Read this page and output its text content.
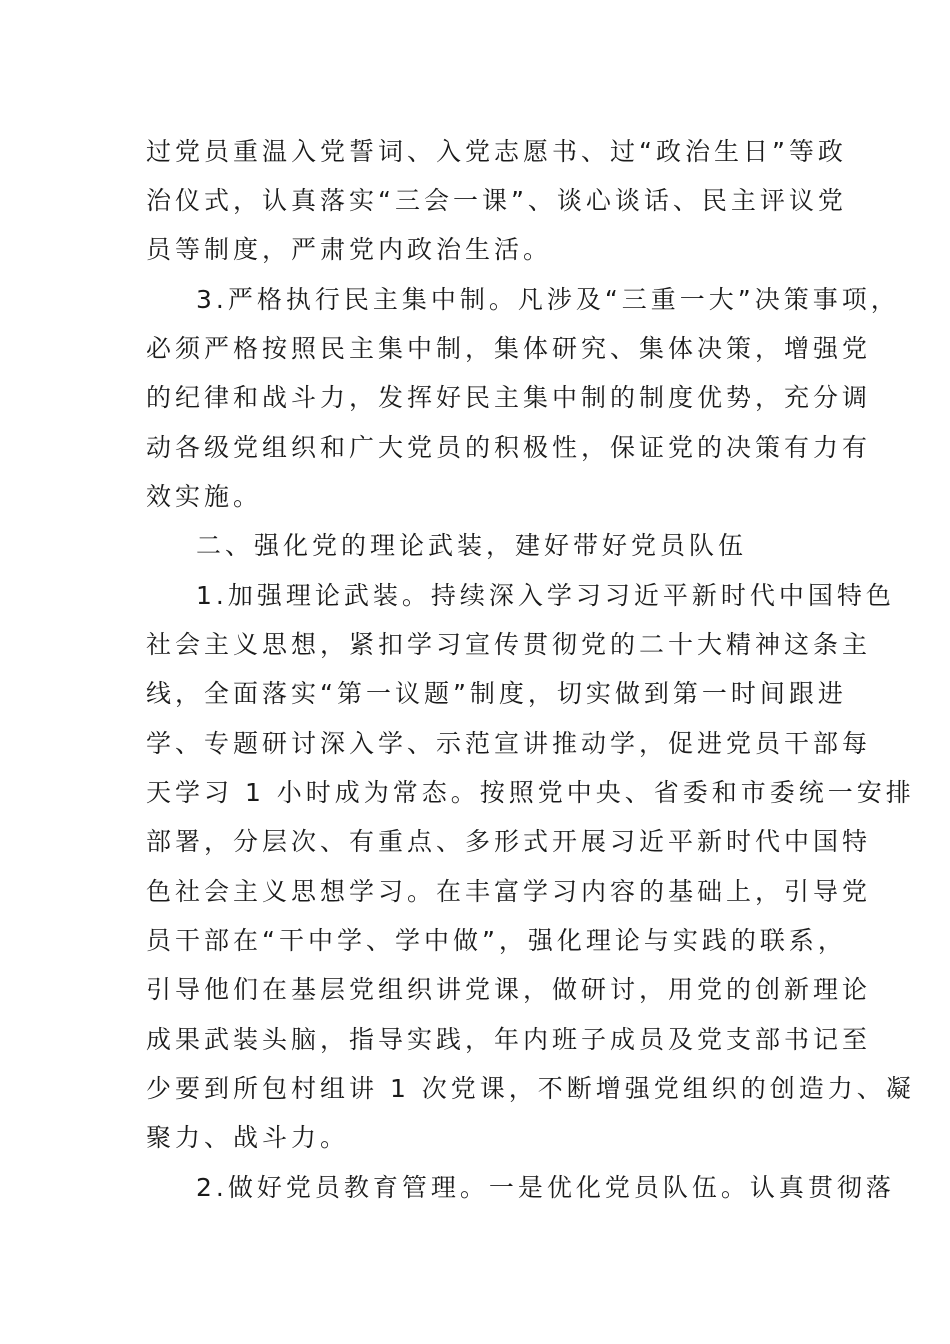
过党员重温入党誓词、入党志愿书、过“政治生日”等政
治仪式，认真落实“三会一课”、谈心谈话、民主评议党
员等制度，严肃党内政治生活。
3.严格执行民主集中制。凡涉及“三重一大”决策事项，
必须严格按照民主集中制，集体研究、集体决策，增强党
的纪律和战斗力，发挥好民主集中制的制度优势，充分调
动各级党组织和广大党员的积极性，保证党的决策有力有
效实施。
二、强化党的理论武装，建好带好党员队伍
1.加强理论武装。持续深入学习习近平新时代中国特色
社会主义思想，紧扣学习宣传贯彻党的二十大精神这条主
线，全面落实“第一议题”制度，切实做到第一时间跟进
学、专题研讨深入学、示范宣讲推动学，促进党员干部每
天学习 1 小时成为常态。按照党中央、省委和市委统一安排
部署，分层次、有重点、多形式开展习近平新时代中国特
色社会主义思想学习。在丰富学习内容的基础上，引导党
员干部在“干中学、学中做”，强化理论与实践的联系，
引导他们在基层党组织讲党课，做研讨，用党的创新理论
成果武装头脑，指导实践，年内班子成员及党支部书记至
少要到所包村组讲 1 次党课，不断增强党组织的创造力、凝
聚力、战斗力。
2.做好党员教育管理。一是优化党员队伍。认真贯彻落
